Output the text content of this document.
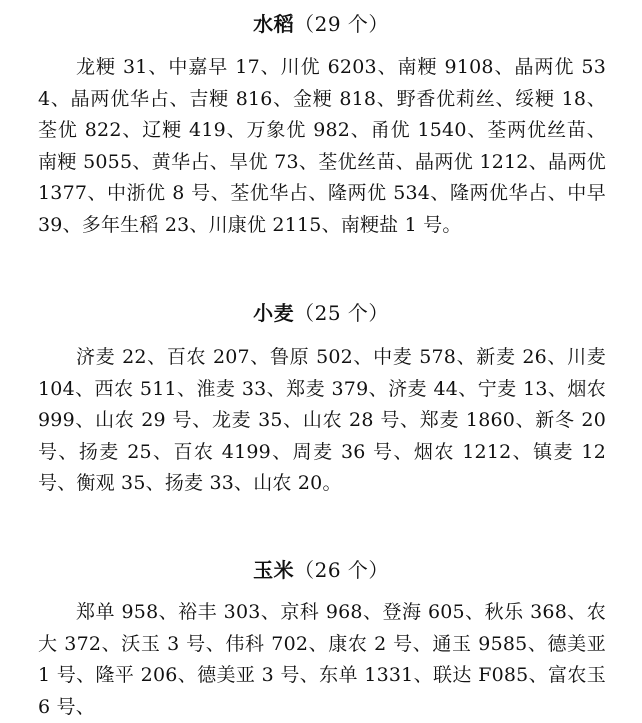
水稻（29 个）

龙粳 31、中嘉早 17、川优 6203、南粳 9108、晶两优 534、晶两优华占、吉粳 816、金粳 818、野香优莉丝、绥粳 18、荃优 822、辽粳 419、万象优 982、甬优 1540、荃两优丝苗、南粳 5055、黄华占、旱优 73、荃优丝苗、晶两优 1212、晶两优 1377、中浙优 8 号、荃优华占、隆两优 534、隆两优华占、中早 39、多年生稻 23、川康优 2115、南粳盐 1 号。

小麦（25 个）

济麦 22、百农 207、鲁原 502、中麦 578、新麦 26、川麦 104、西农 511、淮麦 33、郑麦 379、济麦 44、宁麦 13、烟农 999、山农 29 号、龙麦 35、山农 28 号、郑麦 1860、新冬 20 号、扬麦 25、百农 4199、周麦 36 号、烟农 1212、镇麦 12 号、衡观 35、扬麦 33、山农 20。

玉米（26 个）

郑单 958、裕丰 303、京科 968、登海 605、秋乐 368、农大 372、沃玉 3 号、伟科 702、康农 2 号、通玉 9585、德美亚 1 号、隆平 206、德美亚 3 号、东单 1331、联达 F085、富农玉 6 号、
